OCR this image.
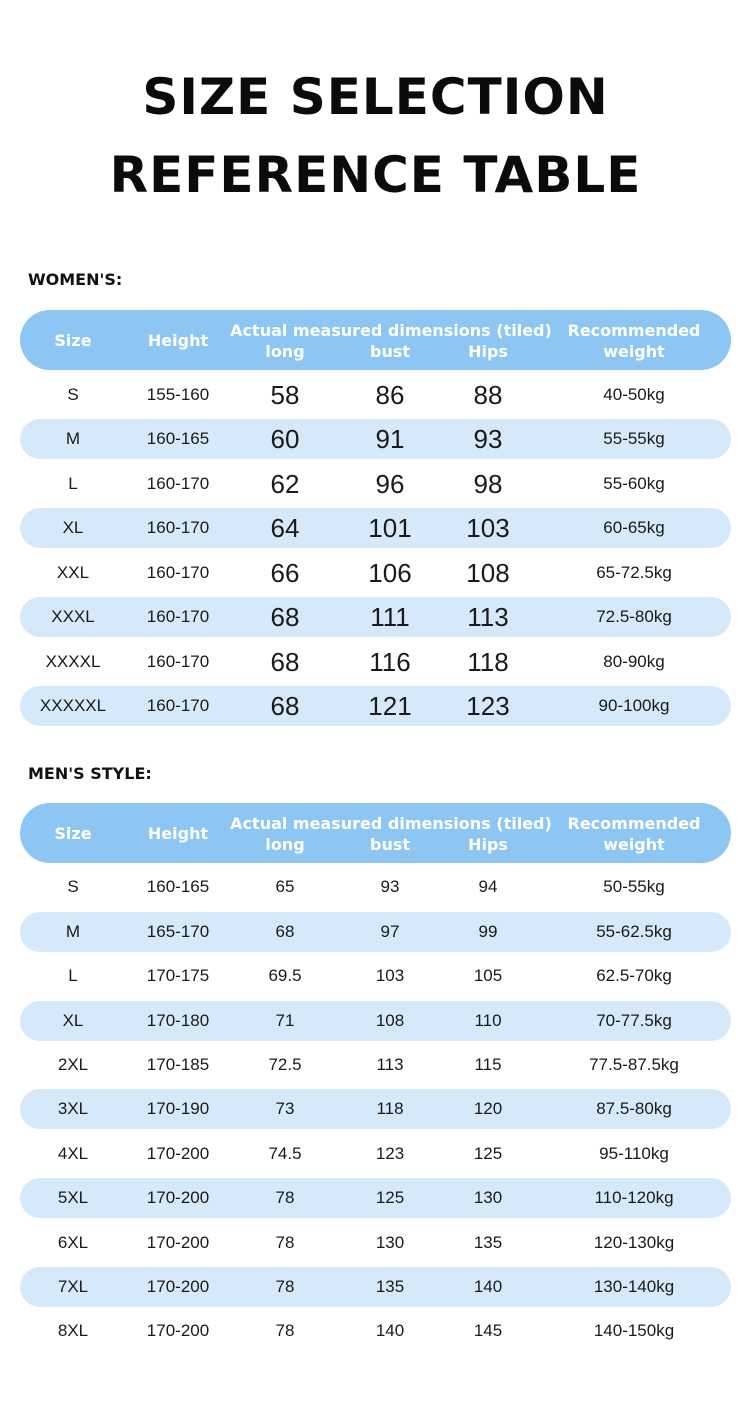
SIZE SELECTION
REFERENCE TABLE
WOMEN'S:
Size	Height
Actual measured dimensions (tiled)
long	bust	Hips
Recommended
weight
S	155-160	58	86	88	40-50kg
M	160-165	60	91	93	55-55kg
L	160-170	62	96	98	55-60kg
XL	160-170	64	101	103	60-65kg
XXL	160-170	66	106	108	65-72.5kg
XXXL	160-170	68	111	113	72.5-80kg
XXXXL	160-170	68	116	118	80-90kg
XXXXXL	160-170	68	121	123	90-100kg
MEN'S STYLE:
Size	Height
Actual measured dimensions (tiled)
long	bust	Hips
Recommended
weight
S	160-165	65	93	94	50-55kg
M	165-170	68	97	99	55-62.5kg
L	170-175	69.5	103	105	62.5-70kg
XL	170-180	71	108	110	70-77.5kg
2XL	170-185	72.5	113	115	77.5-87.5kg
3XL	170-190	73	118	120	87.5-80kg
4XL	170-200	74.5	123	125	95-110kg
5XL	170-200	78	125	130	110-120kg
6XL	170-200	78	130	135	120-130kg
7XL	170-200	78	135	140	130-140kg
8XL	170-200	78	140	145	140-150kg
